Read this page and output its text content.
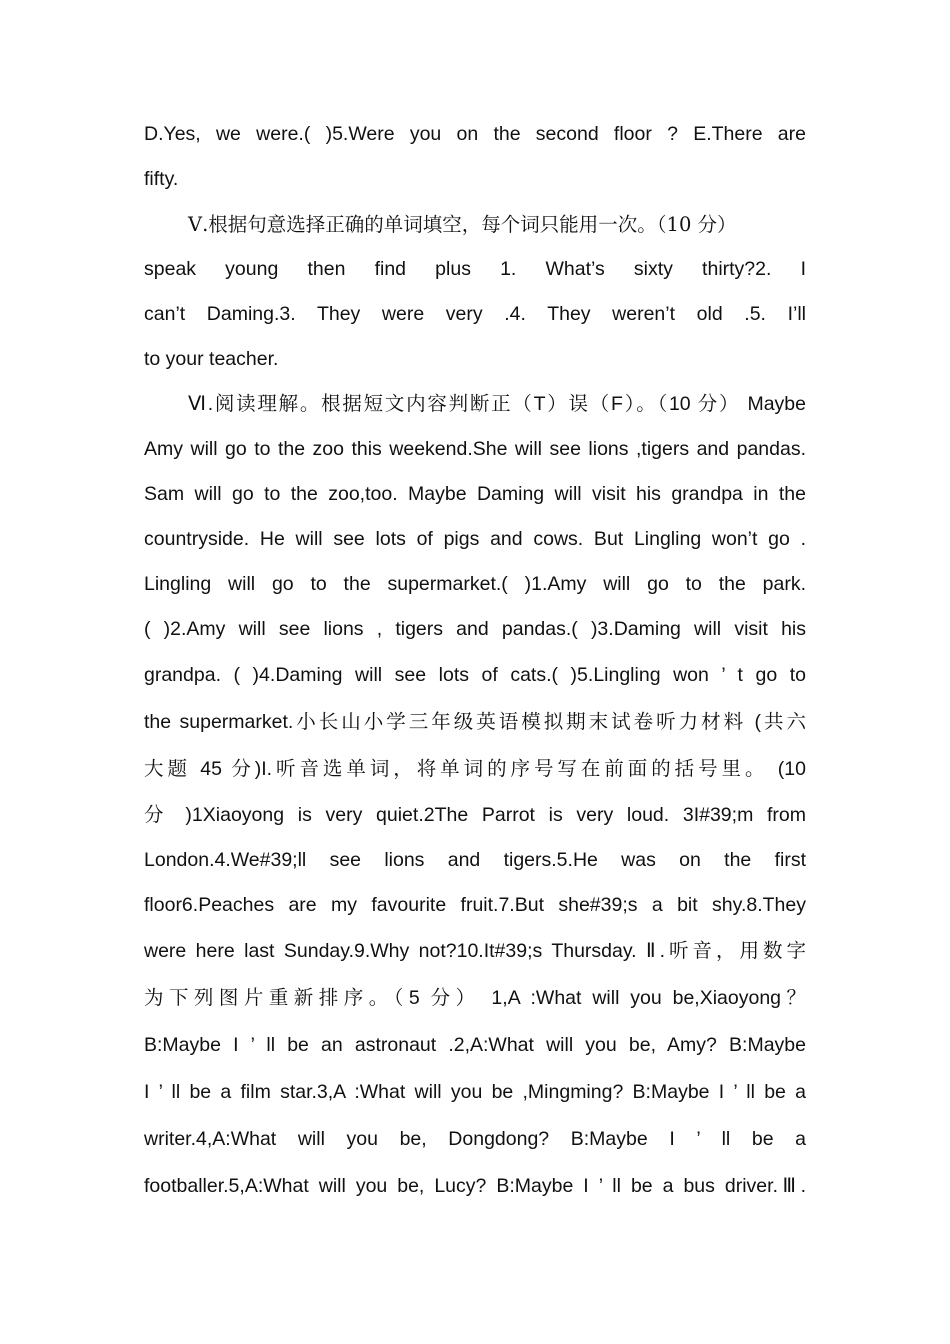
D.Yes, we were.( )5.Were you on the second floor ? E.There are
fifty.
Ⅴ.根据句意选择正确的单词填空，每个词只能用一次。（10 分）
speak young then find plus 1. What’s sixty thirty?2. I
can’t Daming.3. They were very .4. They weren’t old .5. I’ll
to your teacher.
Ⅵ.阅读理解。根据短文内容判断正（T）误（F）。（10 分） Maybe
Amy will go to the zoo this weekend.She will see lions ,tigers and pandas.
Sam will go to the zoo,too. Maybe Daming will visit his grandpa in the
countryside. He will see lots of pigs and cows. But Lingling won’t go .
Lingling will go to the supermarket.( )1.Amy will go to the park.
( )2.Amy will see lions , tigers and pandas.( )3.Daming will visit his
grandpa. ( )4.Daming will see lots of cats.( )5.Lingling won ’ t go to
the supermarket.小长山小学三年级英语模拟期末试卷听力材料 (共六
大题 45 分)I.听音选单词，将单词的序号写在前面的括号里。 (10
分 )1Xiaoyong is very quiet.2The Parrot is very loud. 3I#39;m from
London.4.We#39;ll see lions and tigers.5.He was on the first
floor6.Peaches are my favourite fruit.7.But she#39;s a bit shy.8.They
were here last Sunday.9.Why not?10.It#39;s Thursday. Ⅱ.听音，用数字
为下列图片重新排序。（5 分） 1,A :What will you be,Xiaoyong？
B:Maybe I ’ ll be an astronaut .2,A:What will you be, Amy? B:Maybe
I ’ ll be a film star.3,A :What will you be ,Mingming? B:Maybe I ’ ll be a
writer.4,A:What will you be, Dongdong? B:Maybe I ’ ll be a
footballer.5,A:What will you be, Lucy? B:Maybe I ’ ll be a bus driver.Ⅲ.
